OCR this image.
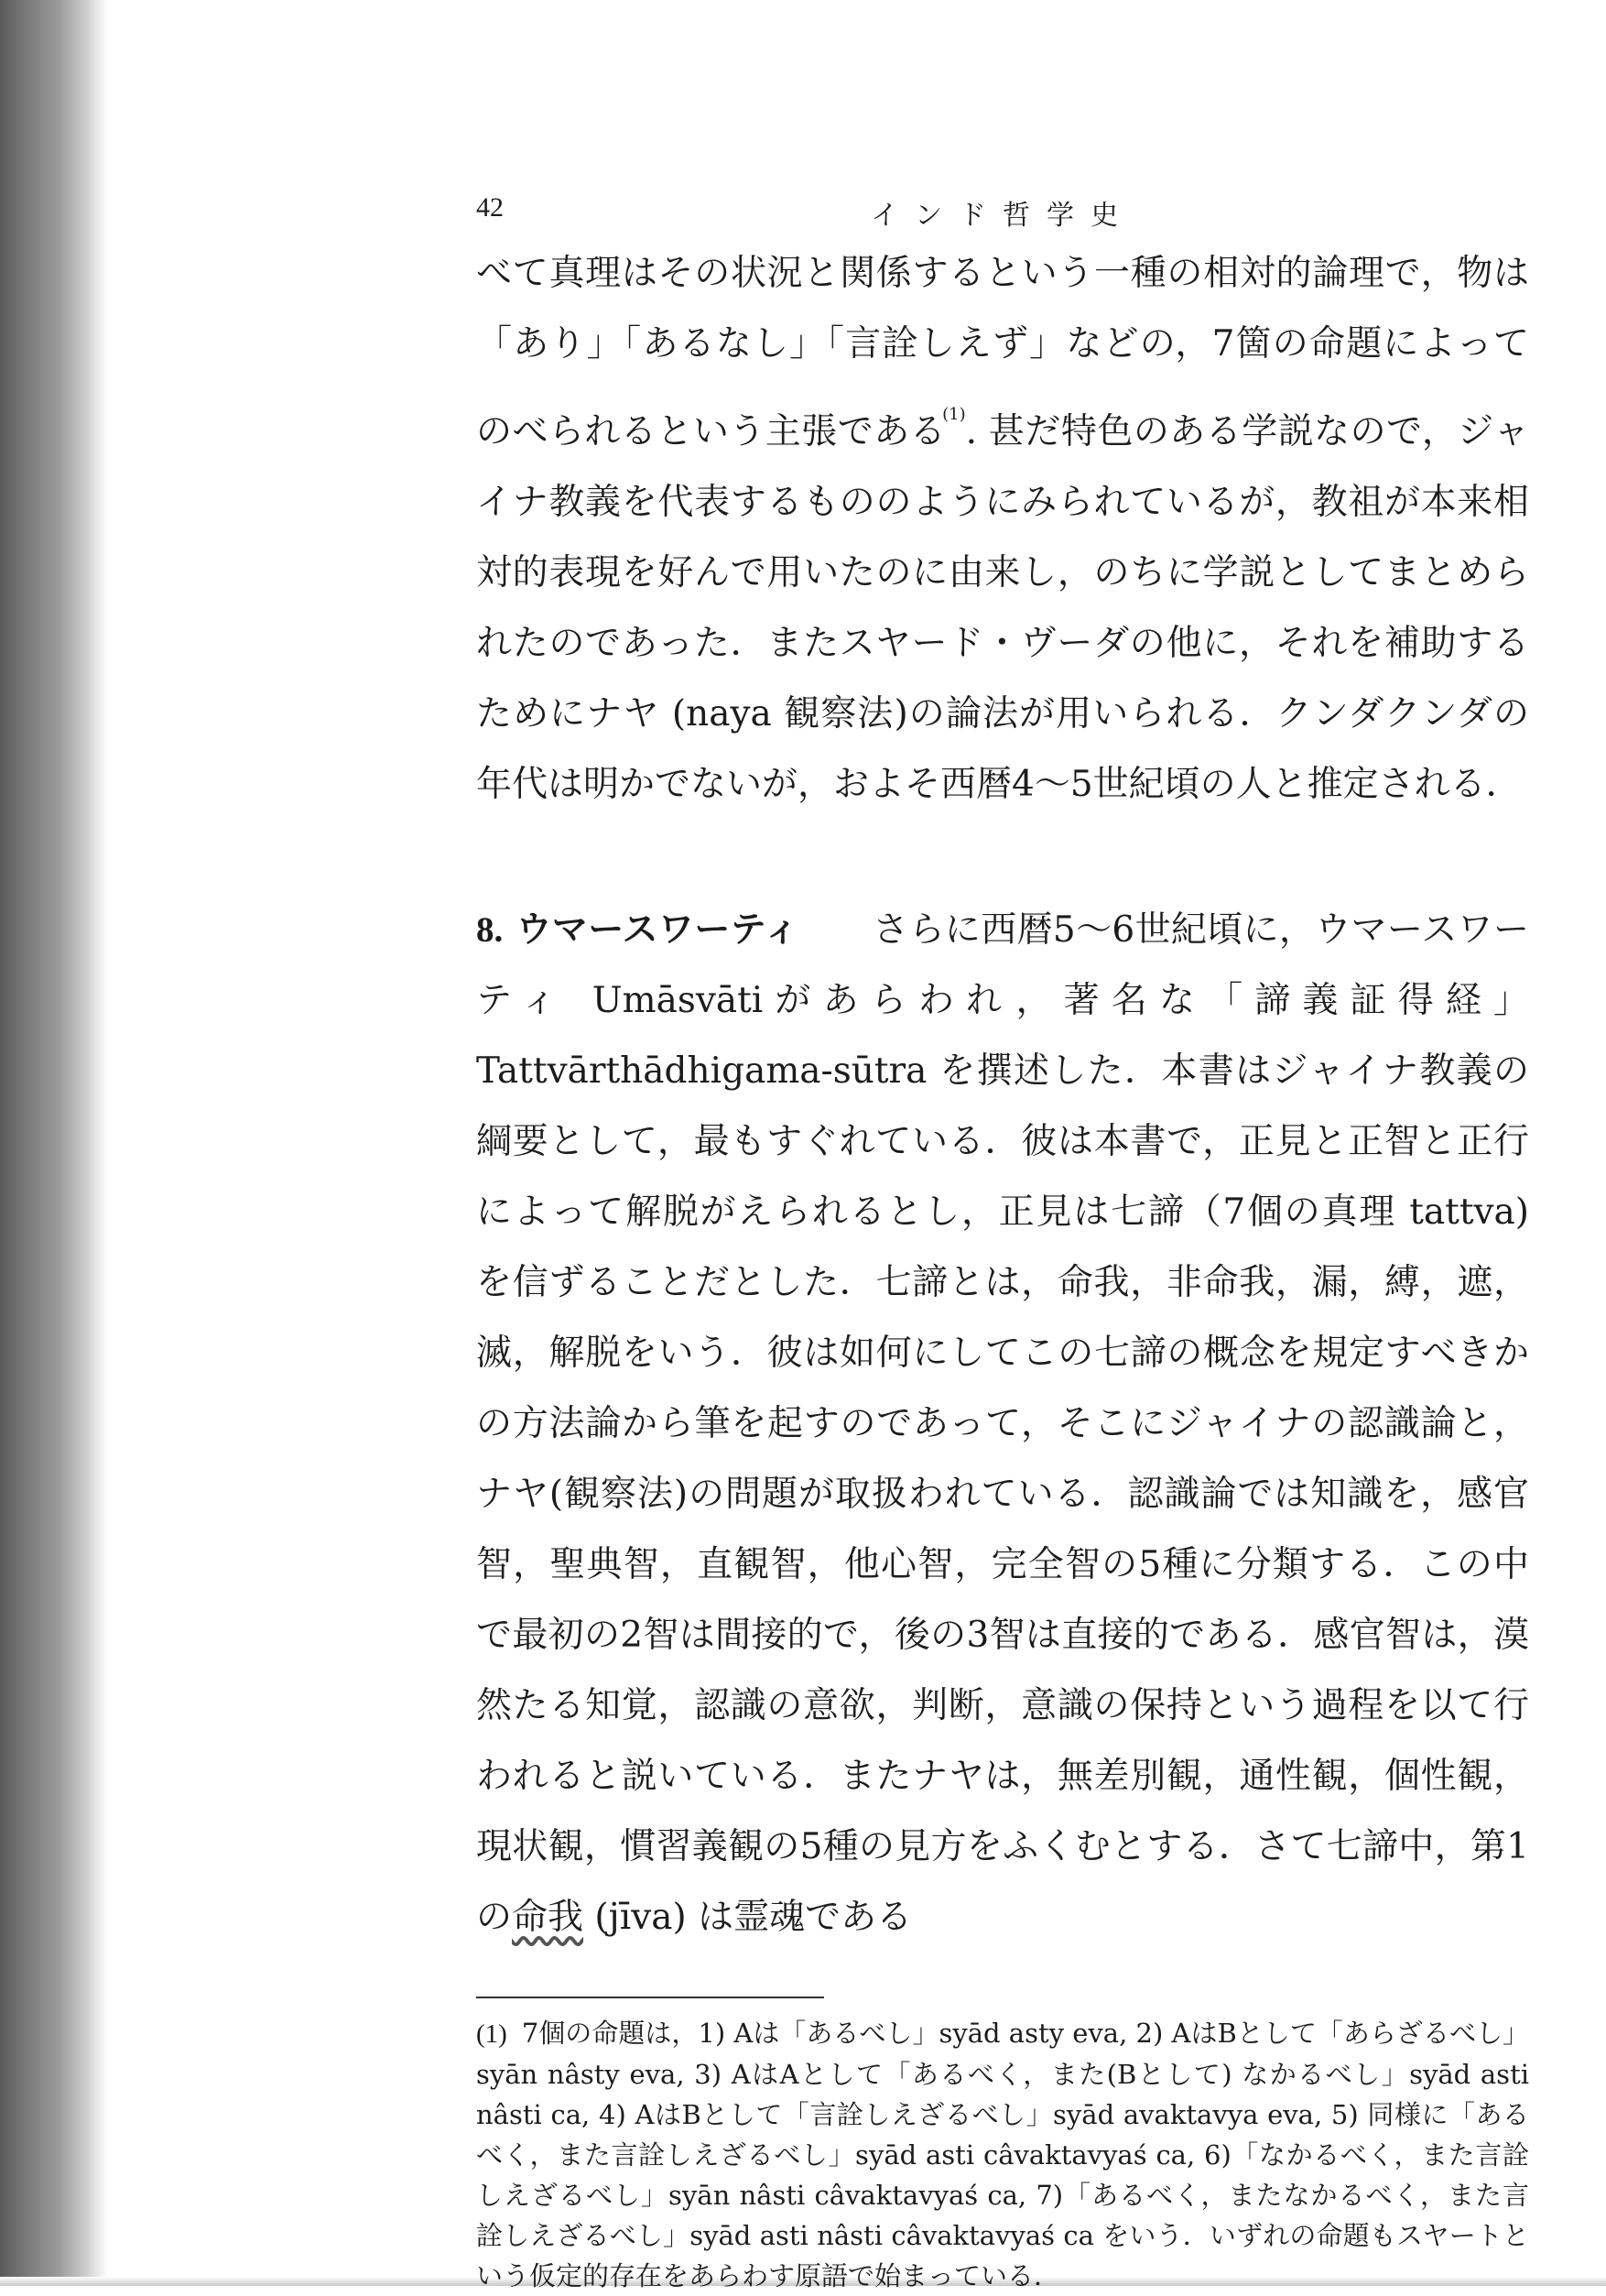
42	インド哲学史

べて真理はその状況と関係するという一種の相対的論理で，物は「あり」「あるなし」「言詮しえず」などの，7箇の命題によってのべられるという主張である$^{(1)}$. 甚だ特色のある学説なので，ジャイナ教義を代表するもののようにみられているが，教祖が本来相対的表現を好んで用いたのに由来し，のちに学説としてまとめられたのであった．またスヤード・ヴーダの他に，それを補助するためにナヤ (naya 観察法)の論法が用いられる．クンダクンダの年代は明かでないが，およそ西暦4〜5世紀頃の人と推定される．

8. ウマースワーティ さらに西暦5〜6世紀頃に，ウマースワーティ Umāsvātiがあらわれ，著名な「諦義証得経」Tattvārthādhigama-sūtra を撰述した．本書はジャイナ教義の綱要として，最もすぐれている．彼は本書で，正見と正智と正行によって解脱がえられるとし，正見は七諦（7個の真理 tattva) を信ずることだとした．七諦とは，命我，非命我，漏，縛，遮，滅，解脱をいう．彼は如何にしてこの七諦の概念を規定すべきかの方法論から筆を起すのであって，そこにジャイナの認識論と，ナヤ(観察法)の問題が取扱われている．認識論では知識を，感官智，聖典智，直観智，他心智，完全智の5種に分類する．この中で最初の2智は間接的で，後の3智は直接的である．感官智は，漠然たる知覚，認識の意欲，判断，意識の保持という過程を以て行われると説いている．またナヤは，無差別観，通性観，個性観，現状観，慣習義観の5種の見方をふくむとする．さて七諦中，第1の命我 (jīva) は霊魂である

(1) 7個の命題は，1) Aは「あるべし」syād asty eva, 2) AはBとして「あらざるべし」syān nâsty eva, 3) AはAとして「あるべく，また(Bとして) なかるべし」syād asti nâsti ca, 4) AはBとして「言詮しえざるべし」syād avaktavya eva, 5) 同様に「あるべく，また言詮しえざるべし」syād asti câvaktavyaś ca, 6)「なかるべく，また言詮しえざるべし」syān nâsti câvaktavyaś ca, 7)「あるべく，またなかるべく，また言詮しえざるべし」syād asti nâsti câvaktavyaś ca をいう．いずれの命題もスヤートという仮定的存在をあらわす原語で始まっている．
